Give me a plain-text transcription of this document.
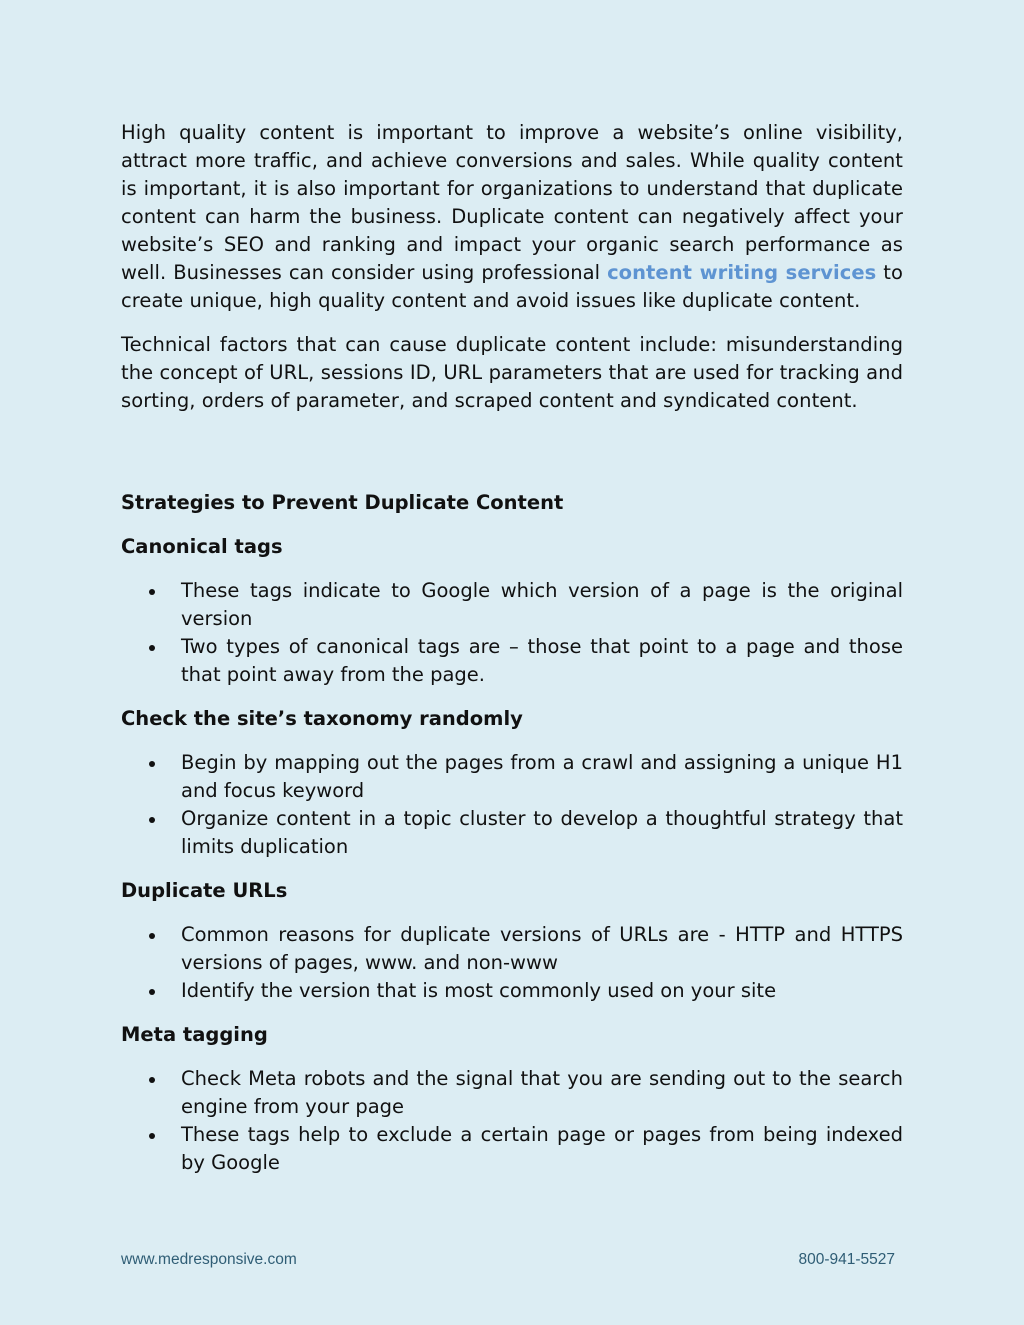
High quality content is important to improve a website’s online visibility, attract more traffic, and achieve conversions and sales. While quality content is important, it is also important for organizations to understand that duplicate content can harm the business. Duplicate content can negatively affect your website’s SEO and ranking and impact your organic search performance as well. Businesses can consider using professional content writing services to create unique, high quality content and avoid issues like duplicate content.

Technical factors that can cause duplicate content include: misunderstanding the concept of URL, sessions ID, URL parameters that are used for tracking and sorting, orders of parameter, and scraped content and syndicated content.

Strategies to Prevent Duplicate Content
Canonical tags
These tags indicate to Google which version of a page is the original version
Two types of canonical tags are – those that point to a page and those that point away from the page.
Check the site’s taxonomy randomly
Begin by mapping out the pages from a crawl and assigning a unique H1 and focus keyword
Organize content in a topic cluster to develop a thoughtful strategy that limits duplication
Duplicate URLs
Common reasons for duplicate versions of URLs are - HTTP and HTTPS versions of pages, www. and non-www
Identify the version that is most commonly used on your site
Meta tagging
Check Meta robots and the signal that you are sending out to the search engine from your page
These tags help to exclude a certain page or pages from being indexed by Google
www.medresponsive.com	800-941-5527
